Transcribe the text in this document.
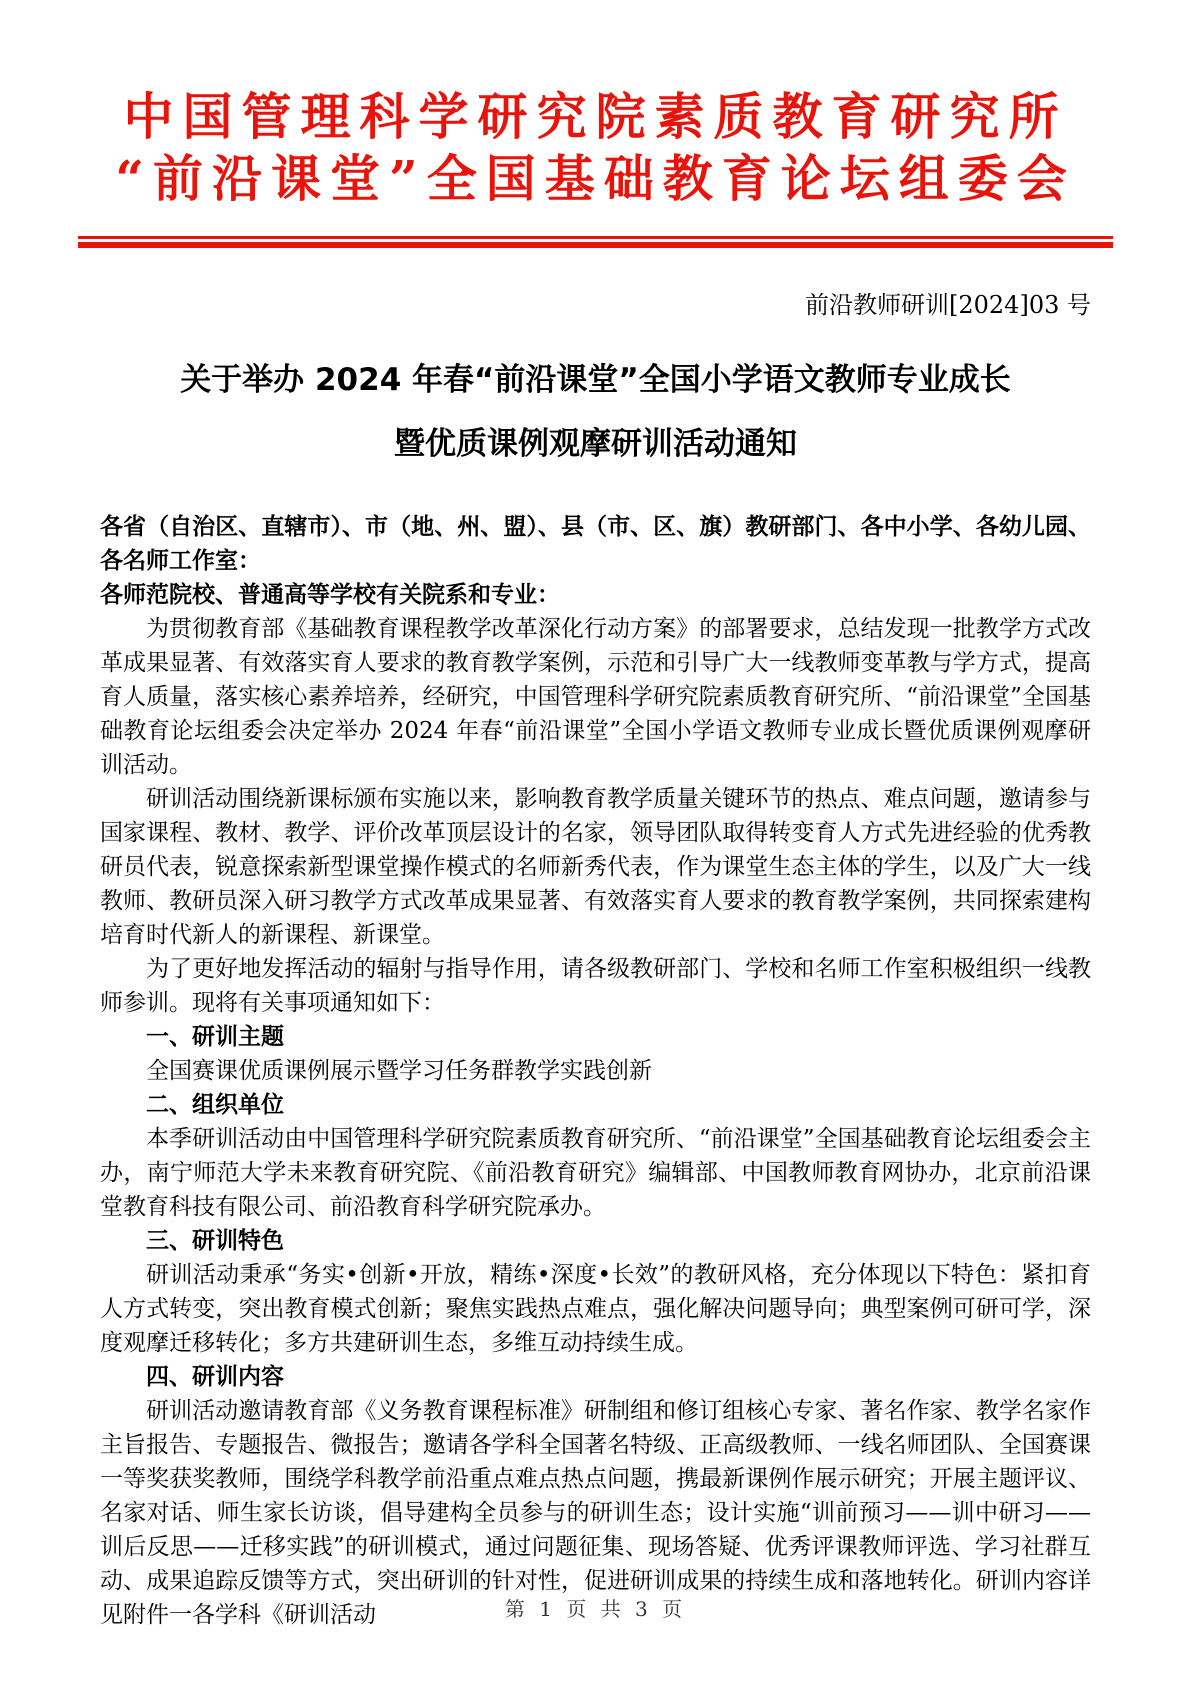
中国管理科学研究院素质教育研究所
“前沿课堂”全国基础教育论坛组委会
前沿教师研训[2024]03 号
关于举办 2024 年春“前沿课堂”全国小学语文教师专业成长
暨优质课例观摩研训活动通知

各省（自治区、直辖市）、市（地、州、盟）、县（市、区、旗）教研部门、各中小学、各幼儿园、各名师工作室：

各师范院校、普通高等学校有关院系和专业：

为贯彻教育部《基础教育课程教学改革深化行动方案》的部署要求，总结发现一批教学方式改革成果显著、有效落实育人要求的教育教学案例，示范和引导广大一线教师变革教与学方式，提高育人质量，落实核心素养培养，经研究，中国管理科学研究院素质教育研究所、“前沿课堂”全国基础教育论坛组委会决定举办 2024 年春“前沿课堂”全国小学语文教师专业成长暨优质课例观摩研训活动。

研训活动围绕新课标颁布实施以来，影响教育教学质量关键环节的热点、难点问题，邀请参与国家课程、教材、教学、评价改革顶层设计的名家，领导团队取得转变育人方式先进经验的优秀教研员代表，锐意探索新型课堂操作模式的名师新秀代表，作为课堂生态主体的学生，以及广大一线教师、教研员深入研习教学方式改革成果显著、有效落实育人要求的教育教学案例，共同探索建构培育时代新人的新课程、新课堂。

为了更好地发挥活动的辐射与指导作用，请各级教研部门、学校和名师工作室积极组织一线教师参训。现将有关事项通知如下：

一、研训主题

全国赛课优质课例展示暨学习任务群教学实践创新

二、组织单位

本季研训活动由中国管理科学研究院素质教育研究所、“前沿课堂”全国基础教育论坛组委会主办，南宁师范大学未来教育研究院、《前沿教育研究》编辑部、中国教师教育网协办，北京前沿课堂教育科技有限公司、前沿教育科学研究院承办。

三、研训特色

研训活动秉承“务实•创新•开放，精练•深度•长效”的教研风格，充分体现以下特色：紧扣育人方式转变，突出教育模式创新；聚焦实践热点难点，强化解决问题导向；典型案例可研可学，深度观摩迁移转化；多方共建研训生态，多维互动持续生成。

四、研训内容

研训活动邀请教育部《义务教育课程标准》研制组和修订组核心专家、著名作家、教学名家作主旨报告、专题报告、微报告；邀请各学科全国著名特级、正高级教师、一线名师团队、全国赛课一等奖获奖教师，围绕学科教学前沿重点难点热点问题，携最新课例作展示研究；开展主题评议、名家对话、师生家长访谈，倡导建构全员参与的研训生态；设计实施“训前预习——训中研习——训后反思——迁移实践”的研训模式，通过问题征集、现场答疑、优秀评课教师评选、学习社群互动、成果追踪反馈等方式，突出研训的针对性，促进研训成果的持续生成和落地转化。研训内容详见附件一各学科《研训活动	第 1 页 共 3 页
